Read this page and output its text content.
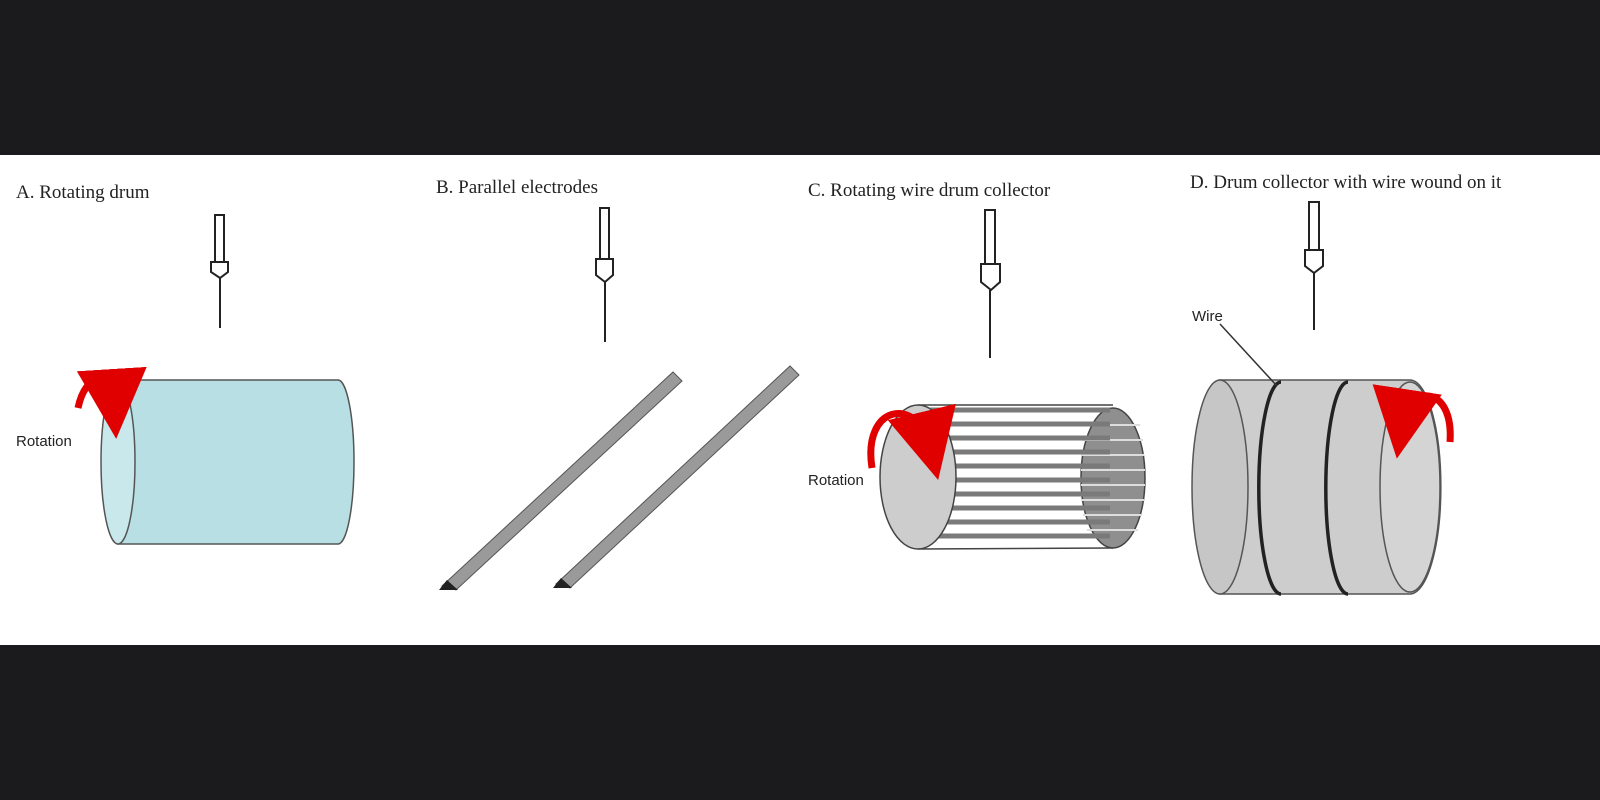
A. Rotating drum
Rotation
B. Parallel electrodes	C. Rotating wire drum collector
Rotation
D. Drum collector with wire wound on it
Wire
